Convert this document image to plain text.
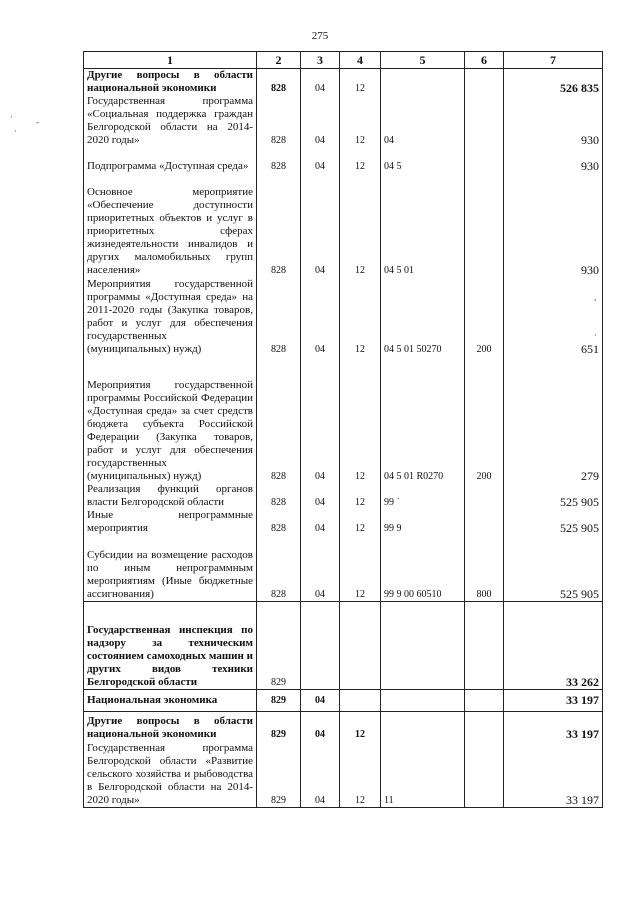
275
·	-
·
,
·
1	2	3	4	5	6	7
Другие вопросы в области национальной экономики	828	04	12			526 835
Государственная программа «Социальная поддержка граждан Белгородской области на 2014-2020 годы»	828	04	12	04		930
Подпрограмма «Доступная среда»	828	04	12	04 5		930
Основное мероприятие «Обеспечение доступности приоритетных объектов и услуг в приоритетных сферах жизнедеятельности инвалидов и других маломобильных групп населения»	828	04	12	04 5 01		930
Мероприятия государственной программы «Доступная среда» на 2011-2020 годы (Закупка товаров, работ и услуг для обеспечения государственных (муниципальных) нужд)	828	04	12	04 5 01 50270	200	651
Мероприятия государственной программы Российской Федерации «Доступная среда» за счет средств бюджета субъекта Российской Федерации (Закупка товаров, работ и услуг для обеспечения государственных (муниципальных) нужд)	828	04	12	04 5 01 R0270	200	279
Реализация функций органов власти Белгородской области	828	04	12	99 ˙		525 905
Иные непрограммные мероприятия	828	04	12	99 9		525 905
Субсидии на возмещение расходов по иным непрограммным мероприятиям (Иные бюджетные ассигнования)	828	04	12	99 9 00 60510	800	525 905
Государственная инспекция по надзору за техническим состоянием самоходных машин и других видов техники Белгородской области	829					33 262
Национальная экономика	829	04				33 197
Другие вопросы в области национальной экономики	829	04	12			33 197
Государственная программа Белгородской области «Развитие сельского хозяйства и рыбоводства в Белгородской области на 2014-2020 годы»	829	04	12	11		33 197
